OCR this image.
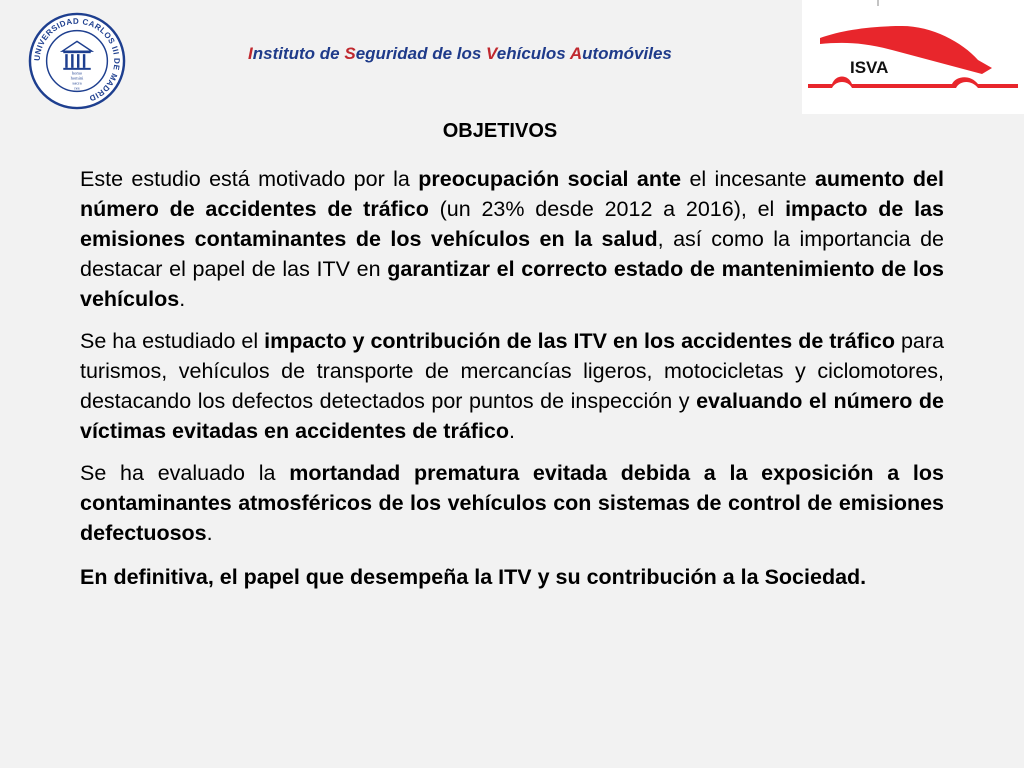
UNIVERSIDAD CARLOS III DE MADRID
homo
homini
sacra
res
Instituto de Seguridad de los Vehículos Automóviles
ISVA
OBJETIVOS

Este estudio está motivado por la preocupación social ante el incesante aumento del número de accidentes de tráfico (un 23% desde 2012 a 2016), el impacto de las emisiones contaminantes de los vehículos en la salud, así como la importancia de destacar el papel de las ITV en garantizar el correcto estado de mantenimiento de los vehículos.

Se ha estudiado el impacto y contribución de las ITV en los accidentes de tráfico para turismos, vehículos de transporte de mercancías ligeros, motocicletas y ciclomotores, destacando los defectos detectados por puntos de inspección y evaluando el número de víctimas evitadas en accidentes de tráfico.

Se ha evaluado la mortandad prematura evitada debida a la exposición a los contaminantes atmosféricos de los vehículos con sistemas de control de emisiones defectuosos.

En definitiva, el papel que desempeña la ITV y su contribución a la Sociedad.
